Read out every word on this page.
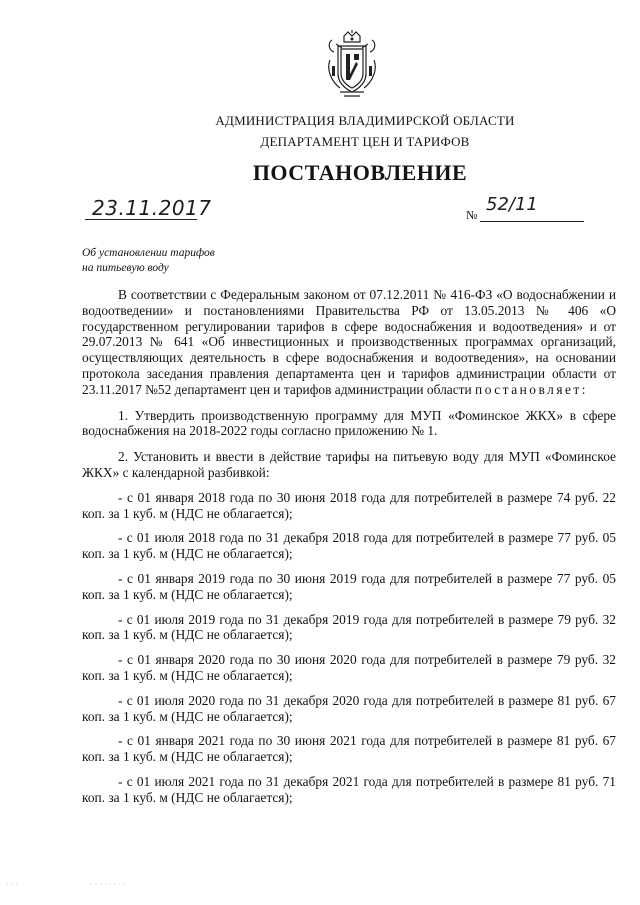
АДМИНИСТРАЦИЯ ВЛАДИМИРСКОЙ ОБЛАСТИ
ДЕПАРТАМЕНТ ЦЕН И ТАРИФОВ
ПОСТАНОВЛЕНИЕ
23.11.2017	№ 52/11
Об установлении тарифов
на питьевую воду

В соответствии с Федеральным законом от 07.12.2011 № 416-ФЗ «О водоснабжении и водоотведении» и постановлениями Правительства РФ от 13.05.2013 № 406 «О государственном регулировании тарифов в сфере водоснабжения и водоотведения» и от 29.07.2013 № 641 «Об инвестиционных и производственных программах организаций, осуществляющих деятельность в сфере водоснабжения и водоотведения», на основании протокола заседания правления департамента цен и тарифов администрации области от 23.11.2017 №52 департамент цен и тарифов администрации области постановляет:

1. Утвердить производственную программу для МУП «Фоминское ЖКХ» в сфере водоснабжения на 2018-2022 годы согласно приложению № 1.

2. Установить и ввести в действие тарифы на питьевую воду для МУП «Фоминское ЖКХ» с календарной разбивкой:

- с 01 января 2018 года по 30 июня 2018 года для потребителей в размере 74 руб. 22 коп. за 1 куб. м (НДС не облагается);

- с 01 июля 2018 года по 31 декабря 2018 года для потребителей в размере 77 руб. 05 коп. за 1 куб. м (НДС не облагается);

- с 01 января 2019 года по 30 июня 2019 года для потребителей в размере 77 руб. 05 коп. за 1 куб. м (НДС не облагается);

- с 01 июля 2019 года по 31 декабря 2019 года для потребителей в размере 79 руб. 32 коп. за 1 куб. м (НДС не облагается);

- с 01 января 2020 года по 30 июня 2020 года для потребителей в размере 79 руб. 32 коп. за 1 куб. м (НДС не облагается);

- с 01 июля 2020 года по 31 декабря 2020 года для потребителей в размере 81 руб. 67 коп. за 1 куб. м (НДС не облагается);

- с 01 января 2021 года по 30 июня 2021 года для потребителей в размере 81 руб. 67 коп. за 1 куб. м (НДС не облагается);

- с 01 июля 2021 года по 31 декабря 2021 года для потребителей в размере 81 руб. 71 коп. за 1 куб. м (НДС не облагается);

· · ·	· · · · · · · ·
